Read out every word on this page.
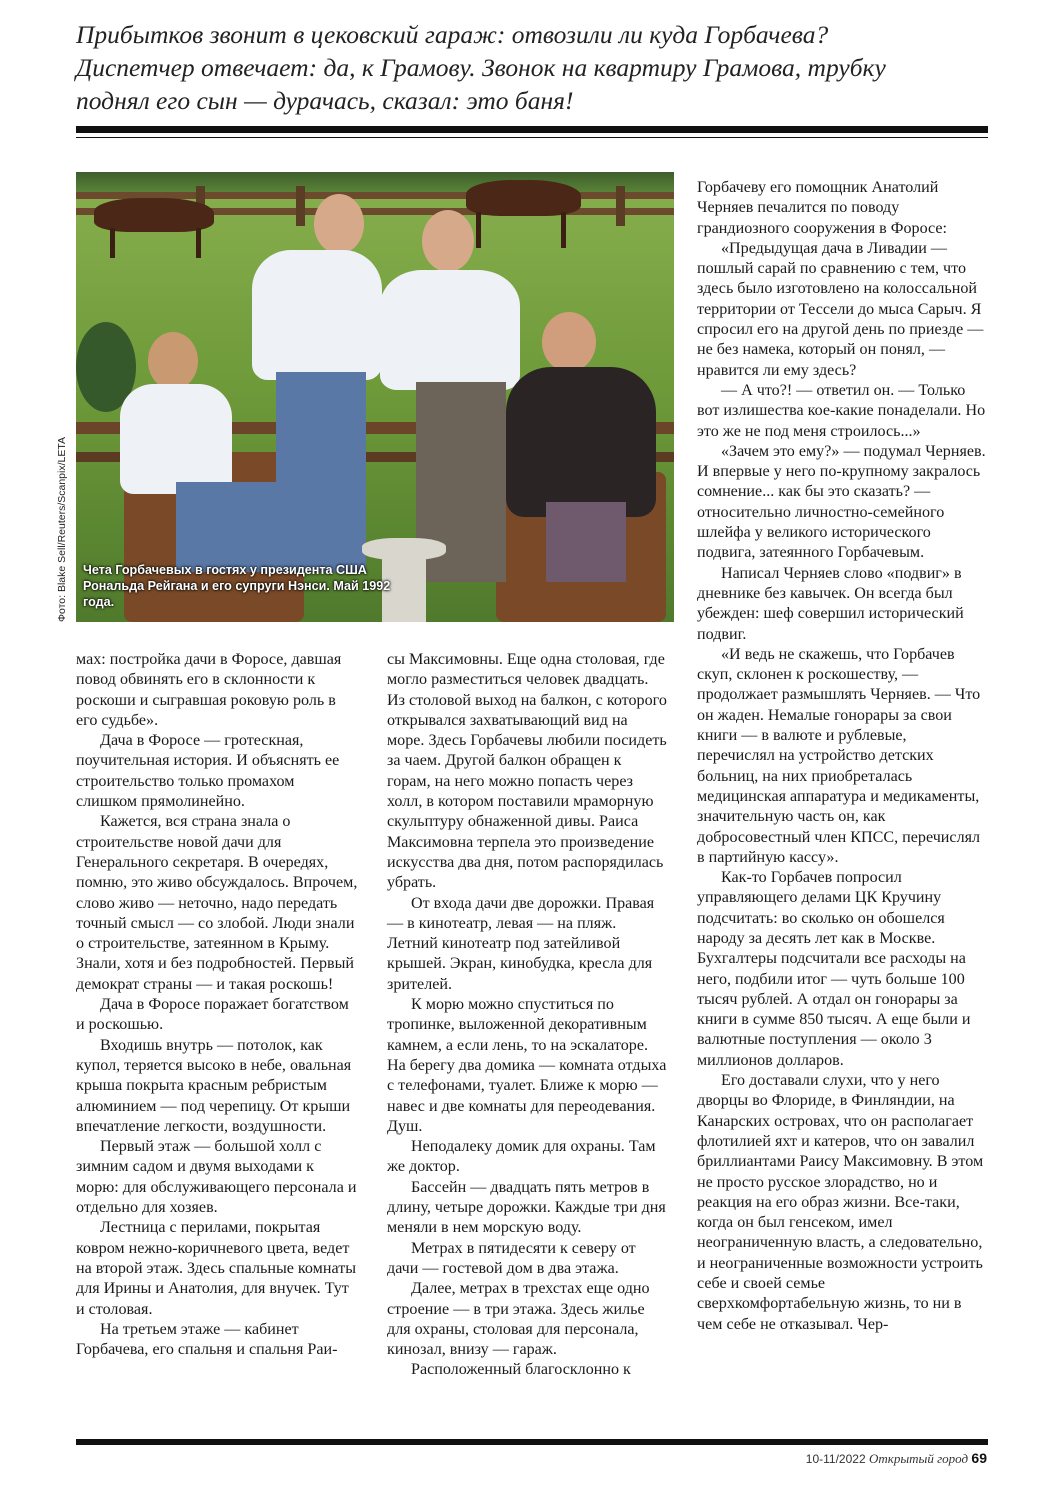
Прибытков звонит в цековский гараж: отвозили ли куда Горбачева?

Диспетчер отвечает: да, к Грамову. Звонок на квартиру Грамова, трубку

поднял его сын — дурачась, сказал: это баня!

Чета Горбачевых в гостях у президента США Рональда Рейгана и его супруги Нэнси. Май 1992 года.
Фото: Blake Sell/Reuters/Scanpix/LETA

мах: постройка дачи в Форосе, давшая повод обвинять его в склонности к роскоши и сыгравшая роковую роль в его судьбе».

Дача в Форосе — гротескная, поучительная история. И объяснять ее строительство только промахом слишком прямолинейно.

Кажется, вся страна знала о строительстве новой дачи для Генерального секретаря. В очередях, помню, это живо обсуждалось. Впрочем, слово живо — неточно, надо передать точный смысл — со злобой. Люди знали о строительстве, затеянном в Крыму. Знали, хотя и без подробностей. Первый демократ страны — и такая роскошь!

Дача в Форосе поражает богатством и роскошью.

Входишь внутрь — потолок, как купол, теряется высоко в небе, овальная крыша покрыта красным ребристым алюминием — под черепицу. От крыши впечатление легкости, воздушности.

Первый этаж — большой холл с зимним садом и двумя выходами к морю: для обслуживающего персонала и отдельно для хозяев.

Лестница с перилами, покрытая ковром нежно-коричневого цвета, ведет на второй этаж. Здесь спальные комнаты для Ирины и Анатолия, для внучек. Тут и столовая.

На третьем этаже — кабинет Горбачева, его спальня и спальня Раи-

сы Максимовны. Еще одна столовая, где могло разместиться человек двадцать. Из столовой выход на балкон, с которого открывался захватывающий вид на море. Здесь Горбачевы любили посидеть за чаем. Другой балкон обращен к горам, на него можно попасть через холл, в котором поставили мраморную скульптуру обнаженной дивы. Раиса Максимовна терпела это произведение искусства два дня, потом распорядилась убрать.

От входа дачи две дорожки. Правая — в кинотеатр, левая — на пляж. Летний кинотеатр под затейливой крышей. Экран, кинобудка, кресла для зрителей.

К морю можно спуститься по тропинке, выложенной декоративным камнем, а если лень, то на эскалаторе. На берегу два домика — комната отдыха с телефонами, туалет. Ближе к морю — навес и две комнаты для переодевания. Душ.

Неподалеку домик для охраны. Там же доктор.

Бассейн — двадцать пять метров в длину, четыре дорожки. Каждые три дня меняли в нем морскую воду.

Метрах в пятидесяти к северу от дачи — гостевой дом в два этажа.

Далее, метрах в трехстах еще одно строение — в три этажа. Здесь жилье для охраны, столовая для персонала, кинозал, внизу — гараж.

Расположенный благосклонно к

Горбачеву его помощник Анатолий Черняев печалится по поводу грандиозного сооружения в Форосе:

«Предыдущая дача в Ливадии — пошлый сарай по сравнению с тем, что здесь было изготовлено на колоссальной территории от Тессели до мыса Сарыч. Я спросил его на другой день по приезде — не без намека, который он понял, — нравится ли ему здесь?

— А что?! — ответил он. — Только вот излишества кое-какие понаделали. Но это же не под меня строилось...»

«Зачем это ему?» — подумал Черняев. И впервые у него по-крупному закралось сомнение... как бы это сказать? — относительно личностно-семейного шлейфа у великого исторического подвига, затеянного Горбачевым.

Написал Черняев слово «подвиг» в дневнике без кавычек. Он всегда был убежден: шеф совершил исторический подвиг.

«И ведь не скажешь, что Горбачев скуп, склонен к роскошеству, — продолжает размышлять Черняев. — Что он жаден. Немалые гонорары за свои книги — в валюте и рублевые, перечислял на устройство детских больниц, на них приобреталась медицинская аппаратура и медикаменты, значительную часть он, как добросовестный член КПСС, перечислял в партийную кассу».

Как-то Горбачев попросил управляющего делами ЦК Кручину подсчитать: во сколько он обошелся народу за десять лет как в Москве. Бухгалтеры подсчитали все расходы на него, подбили итог — чуть больше 100 тысяч рублей. А отдал он гонорары за книги в сумме 850 тысяч. А еще были и валютные поступления — около 3 миллионов долларов.

Его доставали слухи, что у него дворцы во Флориде, в Финляндии, на Канарских островах, что он располагает флотилией яхт и катеров, что он завалил бриллиантами Раису Максимовну. В этом не просто русское злорадство, но и реакция на его образ жизни. Все-таки, когда он был генсеком, имел неограниченную власть, а следовательно, и неограниченные возможности устроить себе и своей семье сверхкомфортабельную жизнь, то ни в чем себе не отказывал. Чер-

10-11/2022 Открытый город 69
